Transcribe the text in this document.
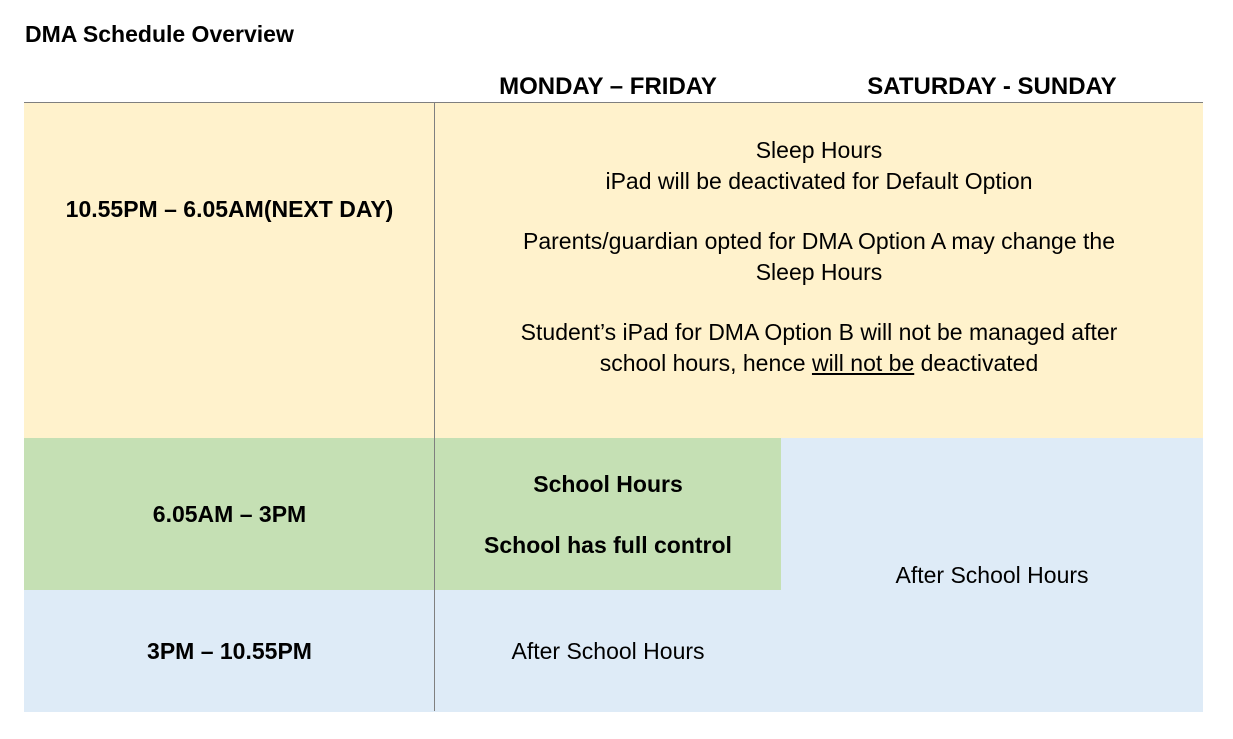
DMA Schedule Overview
MONDAY – FRIDAY	SATURDAY - SUNDAY
10.55PM – 6.05AM(NEXT DAY)

Sleep Hours
iPad will be deactivated for Default Option

Parents/guardian opted for DMA Option A may change the
Sleep Hours

Student’s iPad for DMA Option B will not be managed after
school hours, hence will not be deactivated

6.05AM – 3PM

School Hours

School has full control

3PM – 10.55PM	After School Hours
After School Hours
